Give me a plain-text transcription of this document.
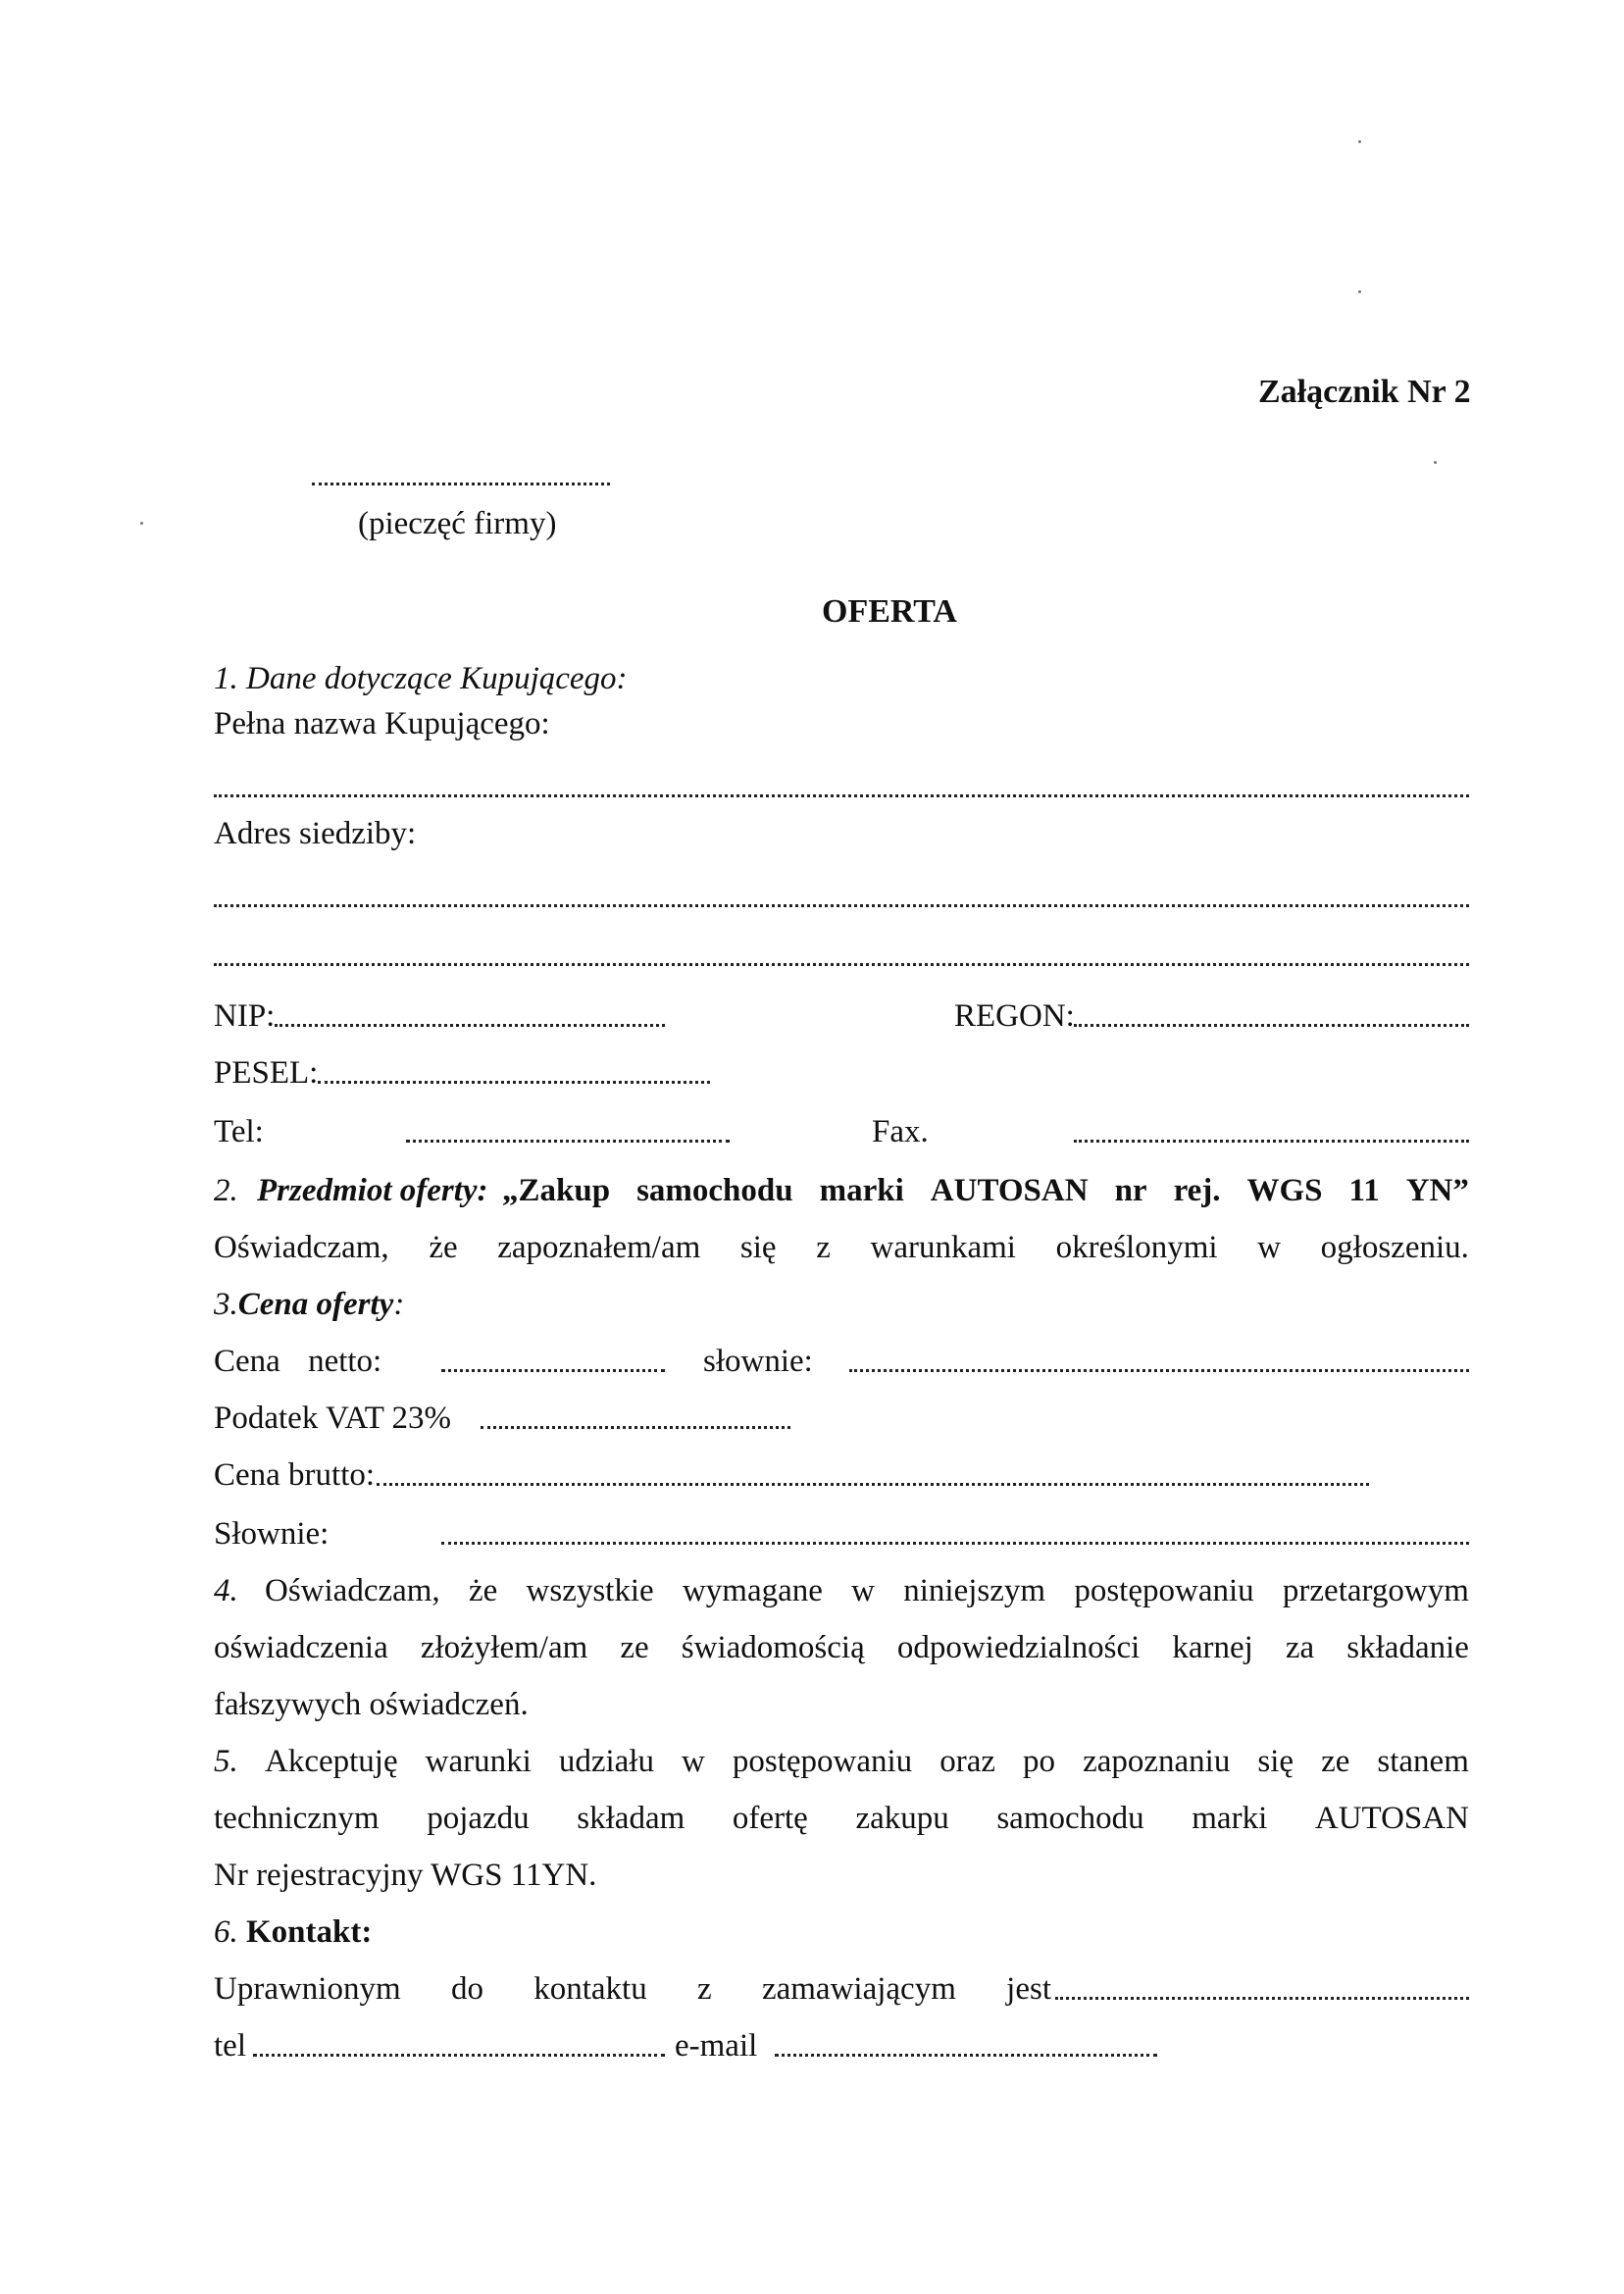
Załącznik Nr 2
(pieczęć firmy)
OFERTA
1. Dane dotyczące Kupującego:
Pełna nazwa Kupującego:
Adres siedziby:
NIP:	REGON:
PESEL:
Tel:	Fax.
2. Przedmiot oferty: „Zakup samochodu marki AUTOSAN nr rej. WGS 11 YN”
Oświadczam, że zapoznałem/am się z warunkami określonymi w ogłoszeniu.
3.Cena oferty:
Cena netto:	słownie:
Podatek VAT 23%
Cena brutto:
Słownie:
4. Oświadczam, że wszystkie wymagane w niniejszym postępowaniu przetargowym
oświadczenia złożyłem/am ze świadomością odpowiedzialności karnej za składanie
fałszywych oświadczeń.
5. Akceptuję warunki udziału w postępowaniu oraz po zapoznaniu się ze stanem
technicznym pojazdu składam ofertę zakupu samochodu marki AUTOSAN
Nr rejestracyjny WGS 11YN.
6. Kontakt:
Uprawnionym do kontaktu z zamawiającym jest
tel	e-mail
